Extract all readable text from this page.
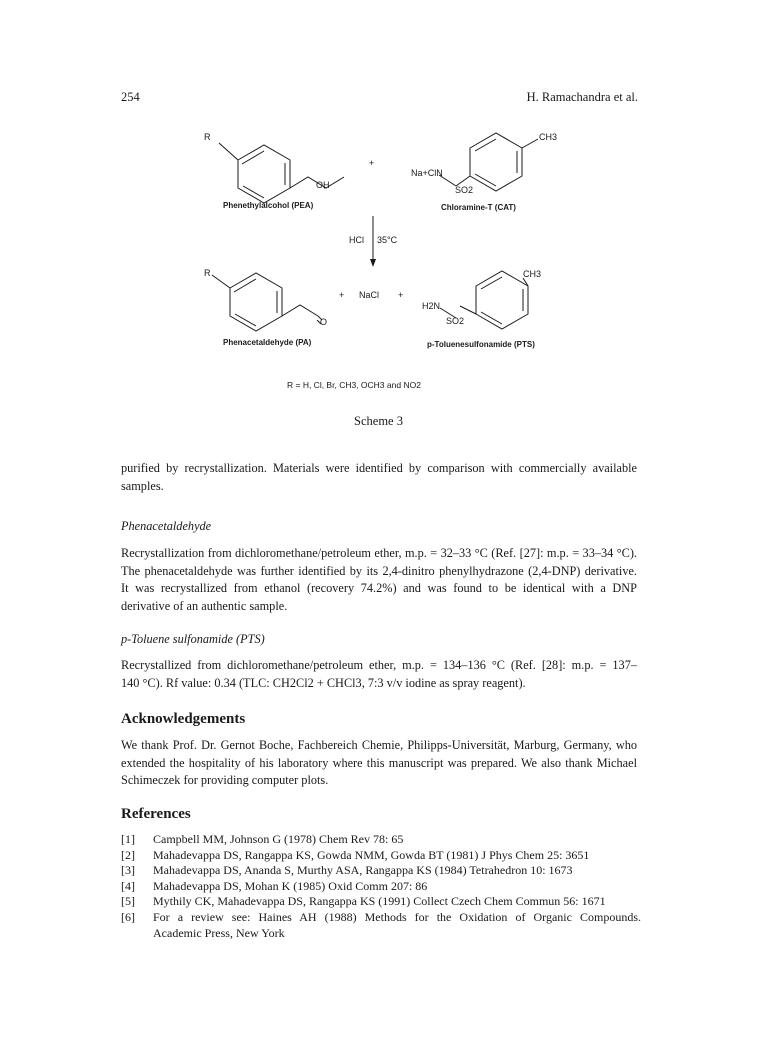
254	H. Ramachandra et al.
R	CH3
OH
+
Na+ClN
SO2
Phenethylalcohol (PEA)	Chloramine-T (CAT)
HCl 35°C
R	CH3
+ NaCl +
H2N
SO2
O
Phenacetaldehyde (PA)	p-Toluenesulfonamide (PTS)
R = H, Cl, Br, CH3, OCH3 and NO2
Scheme 3
purified by recrystallization. Materials were identified by comparison with commercially available
samples.
Phenacetaldehyde
Recrystallization from dichloromethane/petroleum ether, m.p. = 32–33 °C (Ref. [27]: m.p. = 33–34 °C).
The phenacetaldehyde was further identified by its 2,4-dinitro phenylhydrazone (2,4-DNP) derivative.
It was recrystallized from ethanol (recovery 74.2%) and was found to be identical with a DNP
derivative of an authentic sample.
p-Toluene sulfonamide (PTS)
Recrystallized from dichloromethane/petroleum ether, m.p. = 134–136 °C (Ref. [28]: m.p. = 137–
140 °C). Rf value: 0.34 (TLC: CH2Cl2 + CHCl3, 7:3 v/v iodine as spray reagent).
Acknowledgements
We thank Prof. Dr. Gernot Boche, Fachbereich Chemie, Philipps-Universität, Marburg, Germany, who
extended the hospitality of his laboratory where this manuscript was prepared. We also thank Michael
Schimeczek for providing computer plots.
References
[1] Campbell MM, Johnson G (1978) Chem Rev 78: 65
[2] Mahadevappa DS, Rangappa KS, Gowda NMM, Gowda BT (1981) J Phys Chem 25: 3651
[3] Mahadevappa DS, Ananda S, Murthy ASA, Rangappa KS (1984) Tetrahedron 10: 1673
[4] Mahadevappa DS, Mohan K (1985) Oxid Comm 207: 86
[5] Mythily CK, Mahadevappa DS, Rangappa KS (1991) Collect Czech Chem Commun 56: 1671
[6] For a review see: Haines AH (1988) Methods for the Oxidation of Organic Compounds.
Academic Press, New York
